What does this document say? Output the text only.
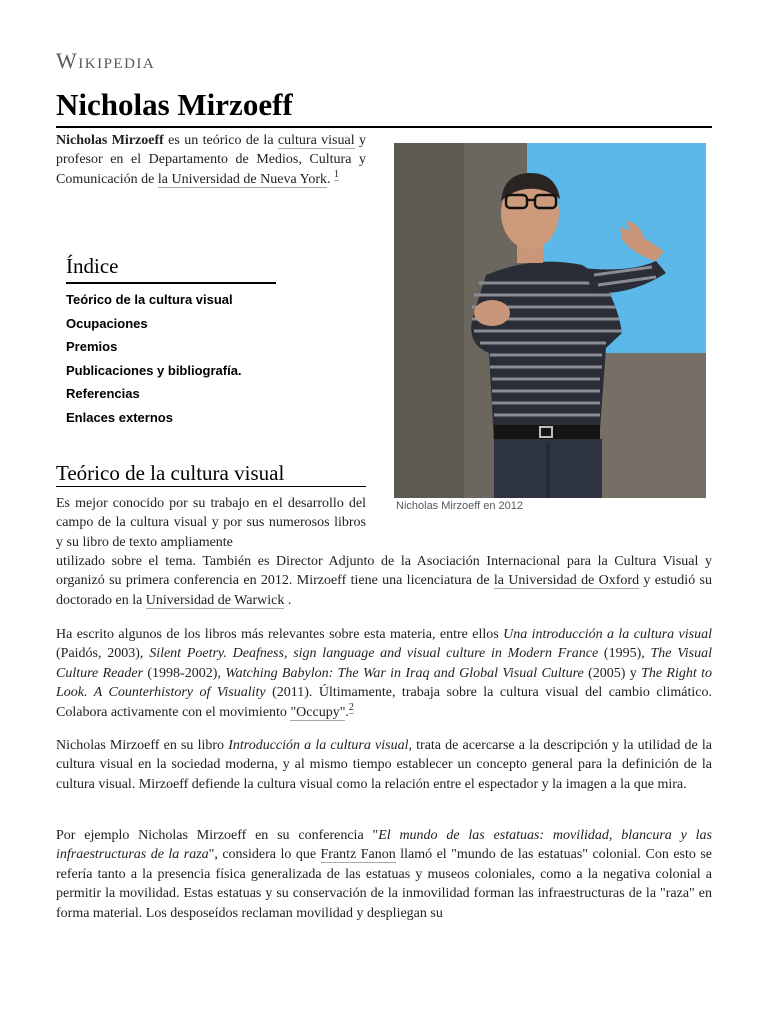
Wikipedia
Nicholas Mirzoeff

Nicholas Mirzoeff es un teórico de la cultura visual y profesor en el Departamento de Medios, Cultura y Comunicación de la Universidad de Nueva York. $^1$

Nicholas Mirzoeff en 2012
Índice
Teórico de la cultura visual
Ocupaciones
Premios
Publicaciones y bibliografía.
Referencias
Enlaces externos
Teórico de la cultura visual

Es mejor conocido por su trabajo en el desarrollo del campo de la cultura visual y por sus numerosos libros y su libro de texto ampliamente

utilizado sobre el tema. También es Director Adjunto de la Asociación Internacional para la Cultura Visual y organizó su primera conferencia en 2012. Mirzoeff tiene una licenciatura de la Universidad de Oxford y estudió su doctorado en la Universidad de Warwick .

Ha escrito algunos de los libros más relevantes sobre esta materia, entre ellos Una introducción a la cultura visual (Paidós, 2003), Silent Poetry. Deafness, sign language and visual culture in Modern France (1995), The Visual Culture Reader (1998-2002), Watching Babylon: The War in Iraq and Global Visual Culture (2005) y The Right to Look. A Counterhistory of Visuality (2011). Últimamente, trabaja sobre la cultura visual del cambio climático. Colabora activamente con el movimiento "Occupy".$^2$

Nicholas Mirzoeff en su libro Introducción a la cultura visual, trata de acercarse a la descripción y la utilidad de la cultura visual en la sociedad moderna, y al mismo tiempo establecer un concepto general para la definición de la cultura visual. Mirzoeff defiende la cultura visual como la relación entre el espectador y la imagen a la que mira.

Por ejemplo Nicholas Mirzoeff en su conferencia "El mundo de las estatuas: movilidad, blancura y las infraestructuras de la raza", considera lo que Frantz Fanon llamó el "mundo de las estatuas" colonial. Con esto se refería tanto a la presencia física generalizada de las estatuas y museos coloniales, como a la negativa colonial a permitir la movilidad. Estas estatuas y su conservación de la inmovilidad forman las infraestructuras de la "raza" en forma material. Los desposeídos reclaman movilidad y despliegan su
